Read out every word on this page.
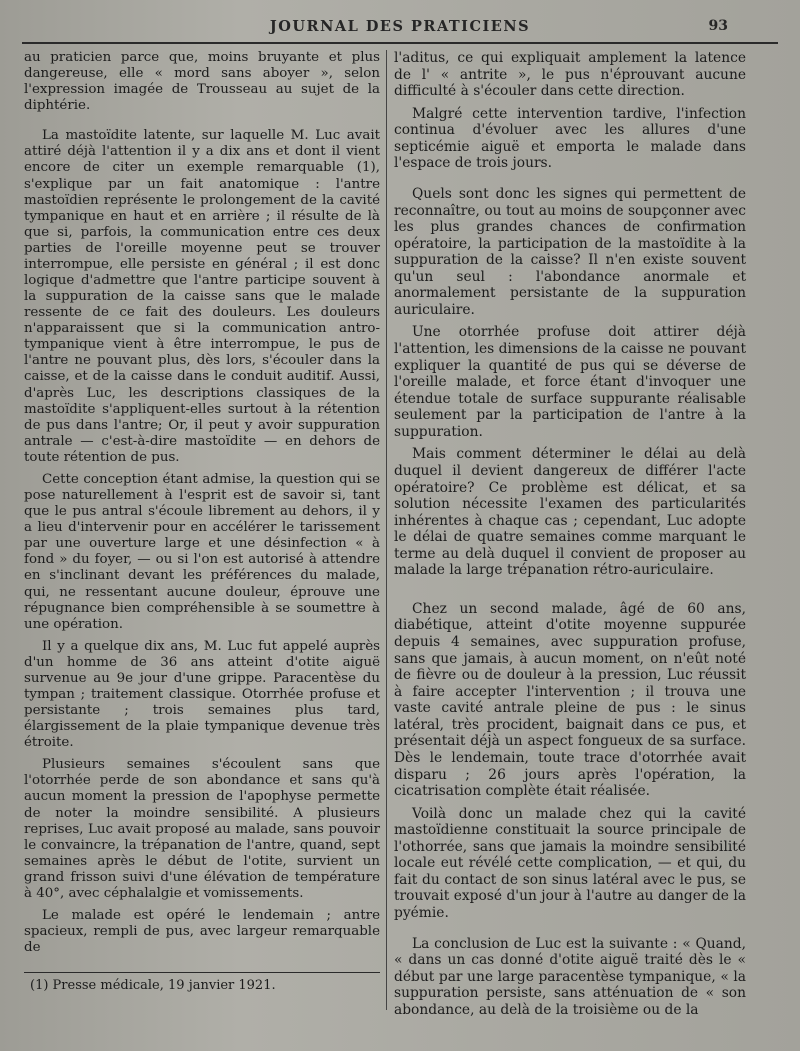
JOURNAL DES PRATICIENS	93

au praticien parce que, moins bruyante et plus dangereuse, elle « mord sans aboyer », selon l'expression imagée de Trousseau au sujet de la diphtérie.

La mastoïdite latente, sur laquelle M. Luc avait attiré déjà l'attention il y a dix ans et dont il vient encore de citer un exemple remarquable (1), s'explique par un fait anatomique : l'antre mastoïdien représente le prolongement de la cavité tympanique en haut et en arrière ; il résulte de là que si, parfois, la communication entre ces deux parties de l'oreille moyenne peut se trouver interrompue, elle persiste en général ; il est donc logique d'admettre que l'antre participe souvent à la suppuration de la caisse sans que le malade ressente de ce fait des douleurs. Les douleurs n'apparaissent que si la communication antro-tympanique vient à être interrompue, le pus de l'antre ne pouvant plus, dès lors, s'écouler dans la caisse, et de la caisse dans le conduit auditif. Aussi, d'après Luc, les descriptions classiques de la mastoïdite s'appliquent-elles surtout à la rétention de pus dans l'antre; Or, il peut y avoir suppuration antrale — c'est-à-dire mastoïdite — en dehors de toute rétention de pus.

Cette conception étant admise, la question qui se pose naturellement à l'esprit est de savoir si, tant que le pus antral s'écoule librement au dehors, il y a lieu d'intervenir pour en accélérer le tarissement par une ouverture large et une désinfection « à fond » du foyer, — ou si l'on est autorisé à attendre en s'inclinant devant les préférences du malade, qui, ne ressentant aucune douleur, éprouve une répugnance bien compréhensible à se soumettre à une opération.

Il y a quelque dix ans, M. Luc fut appelé auprès d'un homme de 36 ans atteint d'otite aiguë survenue au 9e jour d'une grippe. Paracentèse du tympan ; traitement classique. Otorrhée profuse et persistante ; trois semaines plus tard, élargissement de la plaie tympanique devenue très étroite.

Plusieurs semaines s'écoulent sans que l'otorrhée perde de son abondance et sans qu'à aucun moment la pression de l'apophyse permette de noter la moindre sensibilité. A plusieurs reprises, Luc avait proposé au malade, sans pouvoir le convaincre, la trépanation de l'antre, quand, sept semaines après le début de l'otite, survient un grand frisson suivi d'une élévation de température à 40°, avec céphalalgie et vomissements.

Le malade est opéré le lendemain ; antre spacieux, rempli de pus, avec largeur remarquable de

l'aditus, ce qui expliquait amplement la latence de l' « antrite », le pus n'éprouvant aucune difficulté à s'écouler dans cette direction.

Malgré cette intervention tardive, l'infection continua d'évoluer avec les allures d'une septicémie aiguë et emporta le malade dans l'espace de trois jours.

Quels sont donc les signes qui permettent de reconnaître, ou tout au moins de soupçonner avec les plus grandes chances de confirmation opératoire, la participation de la mastoïdite à la suppuration de la caisse? Il n'en existe souvent qu'un seul : l'abondance anormale et anormalement persistante de la suppuration auriculaire.

Une otorrhée profuse doit attirer déjà l'attention, les dimensions de la caisse ne pouvant expliquer la quantité de pus qui se déverse de l'oreille malade, et force étant d'invoquer une étendue totale de surface suppurante réalisable seulement par la participation de l'antre à la suppuration.

Mais comment déterminer le délai au delà duquel il devient dangereux de différer l'acte opératoire? Ce problème est délicat, et sa solution nécessite l'examen des particularités inhérentes à chaque cas ; cependant, Luc adopte le délai de quatre semaines comme marquant le terme au delà duquel il convient de proposer au malade la large trépanation rétro-auriculaire.

Chez un second malade, âgé de 60 ans, diabétique, atteint d'otite moyenne suppurée depuis 4 semaines, avec suppuration profuse, sans que jamais, à aucun moment, on n'eût noté de fièvre ou de douleur à la pression, Luc réussit à faire accepter l'intervention ; il trouva une vaste cavité antrale pleine de pus : le sinus latéral, très procident, baignait dans ce pus, et présentait déjà un aspect fongueux de sa surface. Dès le lendemain, toute trace d'otorrhée avait disparu ; 26 jours après l'opération, la cicatrisation complète était réalisée.

Voilà donc un malade chez qui la cavité mastoïdienne constituait la source principale de l'othorrée, sans que jamais la moindre sensibilité locale eut révélé cette complication, — et qui, du fait du contact de son sinus latéral avec le pus, se trouvait exposé d'un jour à l'autre au danger de la pyémie.

La conclusion de Luc est la suivante : « Quand, « dans un cas donné d'otite aiguë traité dès le « début par une large paracentèse tympanique, « la suppuration persiste, sans atténuation de « son abondance, au delà de la troisième ou de la

(1) Presse médicale, 19 janvier 1921.
